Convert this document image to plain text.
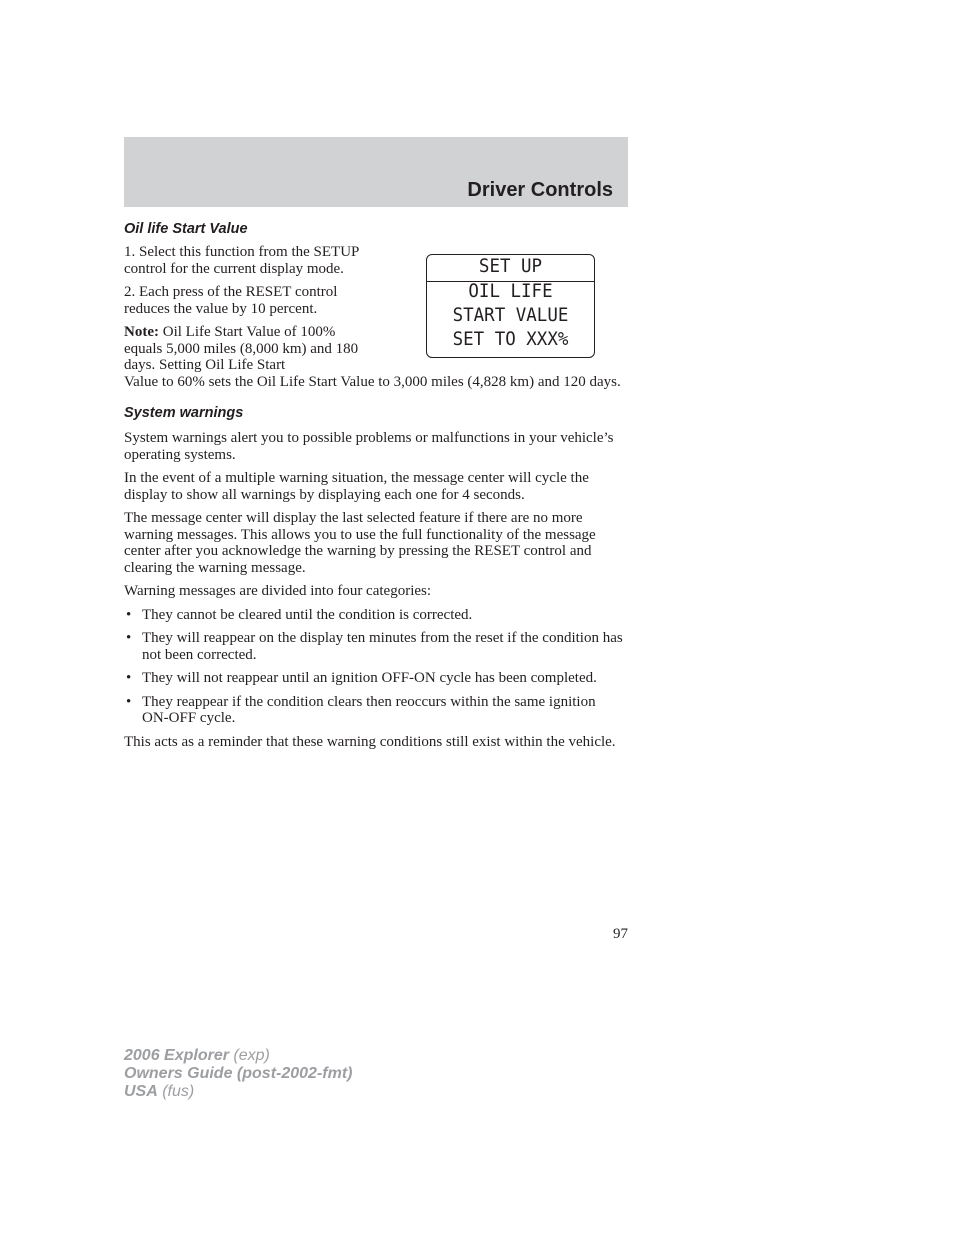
Driver Controls
Oil life Start Value
SET UP
OIL LIFE
START VALUE
SET TO XXX%

1. Select this function from the SETUP control for the current display mode.

2. Each press of the RESET control reduces the value by 10 percent.

Note: Oil Life Start Value of 100% equals 5,000 miles (8,000 km) and 180 days. Setting Oil Life Start

Value to 60% sets the Oil Life Start Value to 3,000 miles (4,828 km) and 120 days.

System warnings

System warnings alert you to possible problems or malfunctions in your vehicle’s operating systems.

In the event of a multiple warning situation, the message center will cycle the display to show all warnings by displaying each one for 4 seconds.

The message center will display the last selected feature if there are no more warning messages. This allows you to use the full functionality of the message center after you acknowledge the warning by pressing the RESET control and clearing the warning message.

Warning messages are divided into four categories:

• They cannot be cleared until the condition is corrected.
• They will reappear on the display ten minutes from the reset if the condition has not been corrected.
• They will not reappear until an ignition OFF-ON cycle has been completed.
• They reappear if the condition clears then reoccurs within the same ignition ON-OFF cycle.

This acts as a reminder that these warning conditions still exist within the vehicle.

97
2006 Explorer (exp)
Owners Guide (post-2002-fmt)
USA (fus)
